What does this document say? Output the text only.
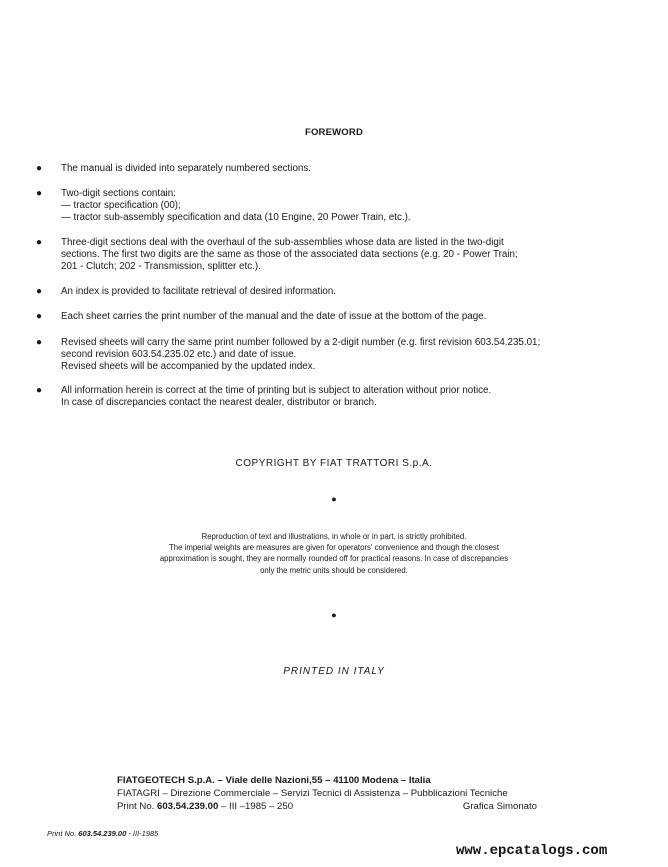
FOREWORD
● The manual is divided into separately numbered sections.
● Two-digit sections contain:
— tractor specification (00);
— tractor sub-assembly specification and data (10 Engine, 20 Power Train, etc.).
● Three-digit sections deal with the overhaul of the sub-assemblies whose data are listed in the two-digit
sections. The first two digits are the same as those of the associated data sections (e.g. 20 - Power Train;
201 - Clutch; 202 - Transmission, splitter etc.).
● An index is provided to facilitate retrieval of desired information.
● Each sheet carries the print number of the manual and the date of issue at the bottom of the page.
● Revised sheets will carry the same print number followed by a 2-digit number (e.g. first revision 603.54.235.01;
second revision 603.54.235.02 etc.) and date of issue.
Revised sheets will be accompanied by the updated index.
● All information herein is correct at the time of printing but is subject to alteration without prior notice.
In case of discrepancies contact the nearest dealer, distributor or branch.
COPYRIGHT BY FIAT TRATTORI S.p.A.
●
Reproduction of text and illustrations, in whole or in part, is strictly prohibited.
The imperial weights are measures are given for operators' convenience and though the closest
approximation is sought, they are normally rounded off for practical reasons. In case of discrepancies
only the metric units should be considered.
●
PRINTED IN ITALY
FIATGEOTECH S.p.A. – Viale delle Nazioni,55 – 41100 Modena – Italia
FIATAGRI – Direzione Commerciale – Servizi Tecnici di Assistenza – Pubblicazioni Tecniche
Print No. 603.54.239.00 – III –1985 – 250	Grafica Simonato
Print No. 603.54.239.00 - III-1985
www.epcatalogs.com
